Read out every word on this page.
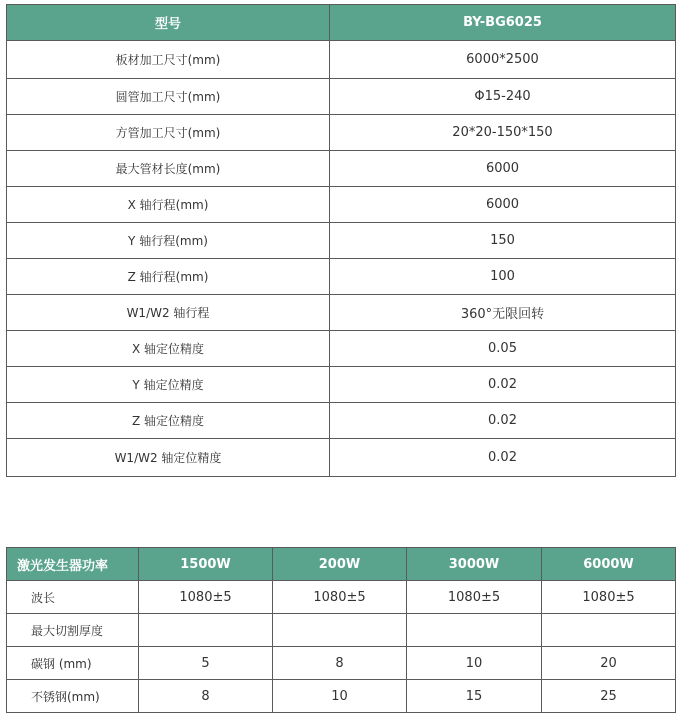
型号	BY-BG6025
板材加工尺寸(mm)	6000*2500
圆管加工尺寸(mm)	Φ15-240
方管加工尺寸(mm)	20*20-150*150
最大管材长度(mm)	6000
X 轴行程(mm)	6000
Y 轴行程(mm)	150
Z 轴行程(mm)	100
W1/W2 轴行程	360°无限回转
X 轴定位精度	0.05
Y 轴定位精度	0.02
Z 轴定位精度	0.02
W1/W2 轴定位精度	0.02
激光发生器功率	1500W	200W	3000W	6000W
波长	1080±5	1080±5	1080±5	1080±5
最大切割厚度				
碳钢 (mm)	5	8	10	20
不锈钢(mm)	8	10	15	25
